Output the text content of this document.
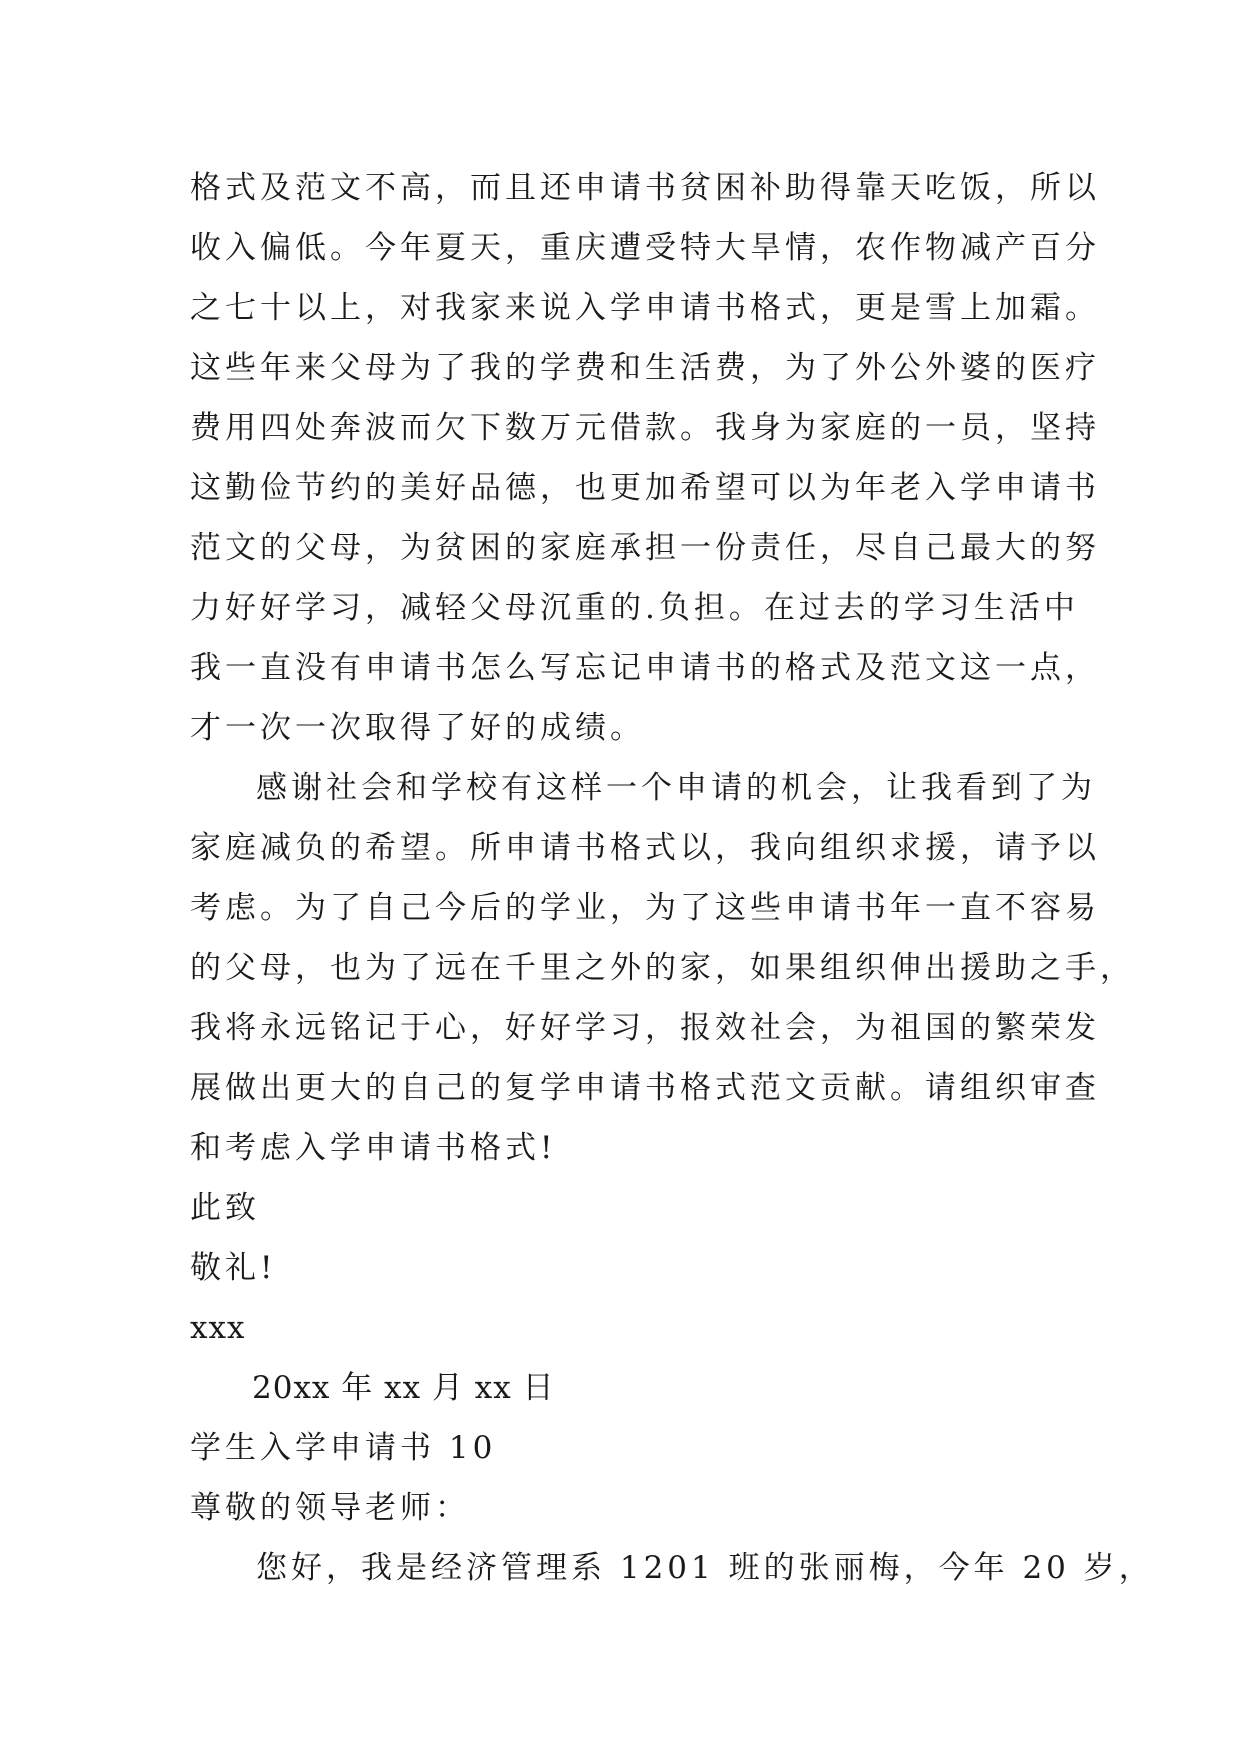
格式及范文不高，而且还申请书贫困补助得靠天吃饭，所以
收入偏低。今年夏天，重庆遭受特大旱情，农作物减产百分
之七十以上，对我家来说入学申请书格式，更是雪上加霜。
这些年来父母为了我的学费和生活费，为了外公外婆的医疗
费用四处奔波而欠下数万元借款。我身为家庭的一员，坚持
这勤俭节约的美好品德，也更加希望可以为年老入学申请书
范文的父母，为贫困的家庭承担一份责任，尽自己最大的努
力好好学习，减轻父母沉重的.负担。在过去的学习生活中
我一直没有申请书怎么写忘记申请书的格式及范文这一点，
才一次一次取得了好的成绩。
感谢社会和学校有这样一个申请的机会，让我看到了为
家庭减负的希望。所申请书格式以，我向组织求援，请予以
考虑。为了自己今后的学业，为了这些申请书年一直不容易
的父母，也为了远在千里之外的家，如果组织伸出援助之手，
我将永远铭记于心，好好学习，报效社会，为祖国的繁荣发
展做出更大的自己的复学申请书格式范文贡献。请组织审查
和考虑入学申请书格式!
此致
敬礼!
xxx
20xx 年 xx 月 xx 日
学生入学申请书 10
尊敬的领导老师：
您好，我是经济管理系 1201 班的张丽梅，今年 20 岁，
